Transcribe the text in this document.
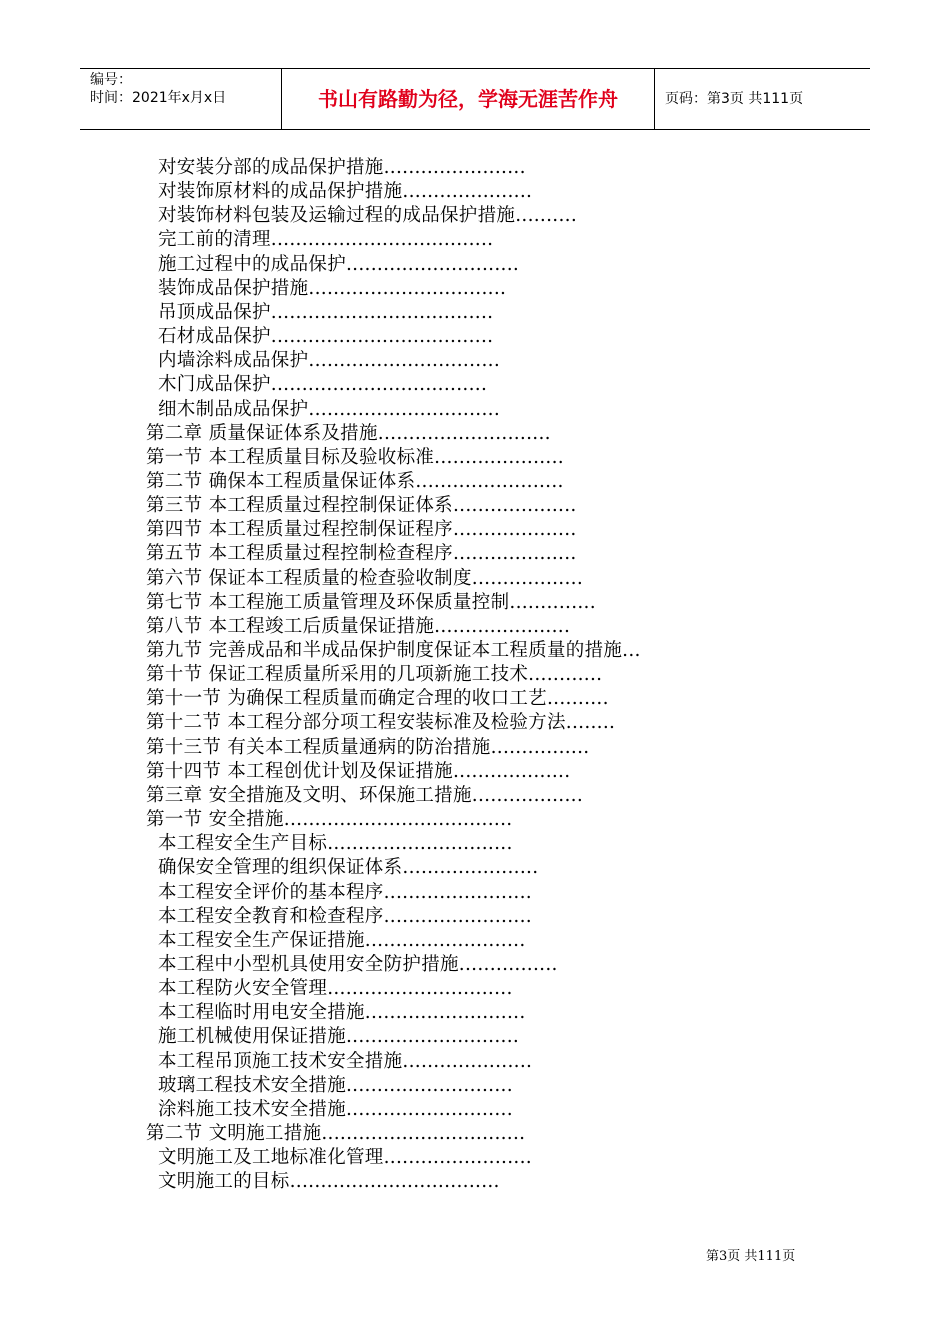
编号：
时间：2021年x月x日	书山有路勤为径，学海无涯苦作舟	页码：第3页 共111页
对安装分部的成品保护措施.......................
对装饰原材料的成品保护措施.....................
对装饰材料包装及运输过程的成品保护措施..........
完工前的清理....................................
施工过程中的成品保护............................
装饰成品保护措施................................
吊顶成品保护....................................
石材成品保护....................................
内墙涂料成品保护...............................
木门成品保护...................................
细木制品成品保护...............................
第二章 质量保证体系及措施............................
第一节 本工程质量目标及验收标准.....................
第二节 确保本工程质量保证体系........................
第三节 本工程质量过程控制保证体系....................
第四节 本工程质量过程控制保证程序....................
第五节 本工程质量过程控制检查程序....................
第六节 保证本工程质量的检查验收制度..................
第七节 本工程施工质量管理及环保质量控制..............
第八节 本工程竣工后质量保证措施......................
第九节 完善成品和半成品保护制度保证本工程质量的措施...
第十节 保证工程质量所采用的几项新施工技术............
第十一节 为确保工程质量而确定合理的收口工艺..........
第十二节 本工程分部分项工程安装标准及检验方法........
第十三节 有关本工程质量通病的防治措施................
第十四节 本工程创优计划及保证措施...................
第三章 安全措施及文明、环保施工措施..................
第一节 安全措施.....................................
本工程安全生产目标..............................
确保安全管理的组织保证体系......................
本工程安全评价的基本程序........................
本工程安全教育和检查程序........................
本工程安全生产保证措施..........................
本工程中小型机具使用安全防护措施................
本工程防火安全管理..............................
本工程临时用电安全措施..........................
施工机械使用保证措施............................
本工程吊顶施工技术安全措施.....................
玻璃工程技术安全措施...........................
涂料施工技术安全措施...........................
第二节 文明施工措施.................................
文明施工及工地标准化管理........................
文明施工的目标..................................
第3页 共111页
